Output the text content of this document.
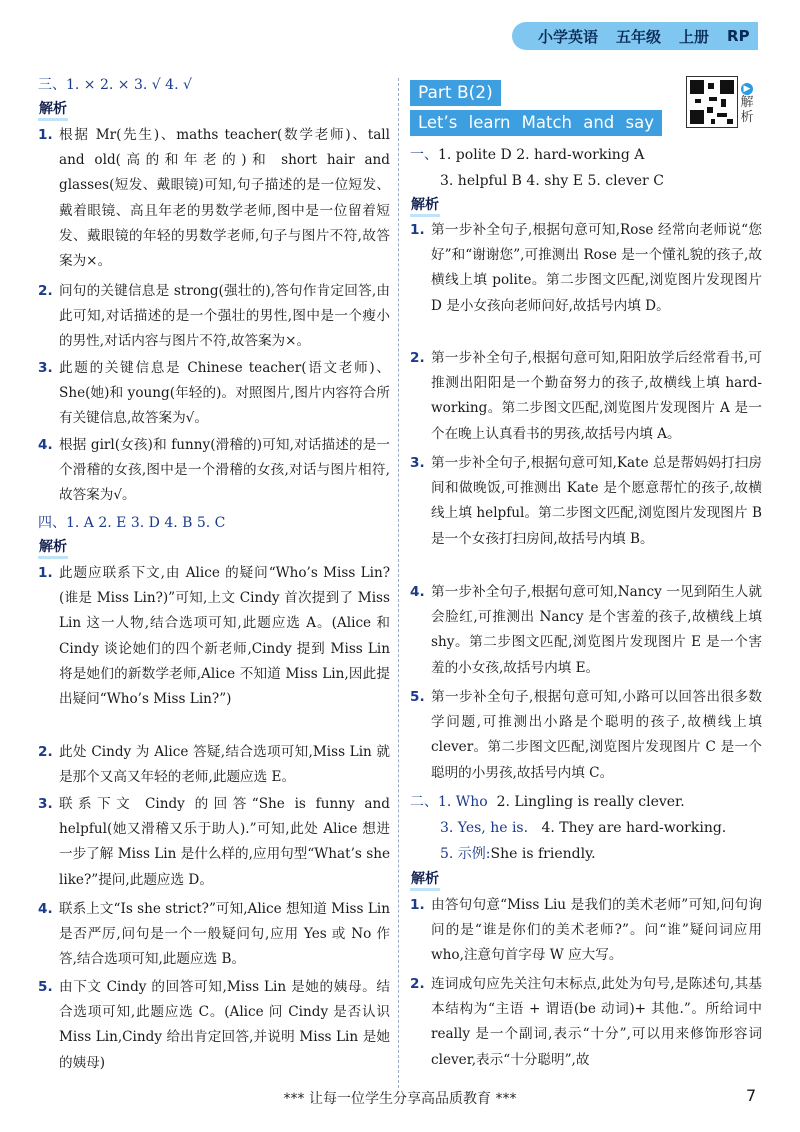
小学英语 五年级 上册 RP
三、1. × 2. × 3. √ 4. √
解析
1. 根据 Mr(先生)、maths teacher(数学老师)、tall and old(高的和年老的)和 short hair and glasses(短发、戴眼镜)可知,句子描述的是一位短发、戴着眼镜、高且年老的男数学老师,图中是一位留着短发、戴眼镜的年轻的男数学老师,句子与图片不符,故答案为×。
2. 问句的关键信息是 strong(强壮的),答句作肯定回答,由此可知,对话描述的是一个强壮的男性,图中是一个瘦小的男性,对话内容与图片不符,故答案为×。
3. 此题的关键信息是 Chinese teacher(语文老师)、She(她)和 young(年轻的)。对照图片,图片内容符合所有关键信息,故答案为√。
4. 根据 girl(女孩)和 funny(滑稽的)可知,对话描述的是一个滑稽的女孩,图中是一个滑稽的女孩,对话与图片相符,故答案为√。
四、1. A 2. E 3. D 4. B 5. C
解析
1. 此题应联系下文,由 Alice 的疑问“Who’s Miss Lin?(谁是 Miss Lin?)”可知,上文 Cindy 首次提到了 Miss Lin 这一人物,结合选项可知,此题应选 A。(Alice 和 Cindy 谈论她们的四个新老师,Cindy 提到 Miss Lin 将是她们的新数学老师,Alice 不知道 Miss Lin,因此提出疑问“Who’s Miss Lin?”)
2. 此处 Cindy 为 Alice 答疑,结合选项可知,Miss Lin 就是那个又高又年轻的老师,此题应选 E。
3. 联系下文 Cindy 的回答“She is funny and helpful(她又滑稽又乐于助人).”可知,此处 Alice 想进一步了解 Miss Lin 是什么样的,应用句型“What’s she like?”提问,此题应选 D。
4. 联系上文“Is she strict?”可知,Alice 想知道 Miss Lin 是否严厉,问句是一个一般疑问句,应用 Yes 或 No 作答,结合选项可知,此题应选 B。
5. 由下文 Cindy 的回答可知,Miss Lin 是她的姨母。结合选项可知,此题应选 C。(Alice 问 Cindy 是否认识 Miss Lin,Cindy 给出肯定回答,并说明 Miss Lin 是她的姨母)
Part B(2)
Let’s learn Match and say
▶
解析
一、1. polite D 2. hard-working A
3. helpful B 4. shy E 5. clever C
解析
1. 第一步补全句子,根据句意可知,Rose 经常向老师说“您好”和“谢谢您”,可推测出 Rose 是一个懂礼貌的孩子,故横线上填 polite。第二步图文匹配,浏览图片发现图片 D 是小女孩向老师问好,故括号内填 D。
2. 第一步补全句子,根据句意可知,阳阳放学后经常看书,可推测出阳阳是一个勤奋努力的孩子,故横线上填 hard-working。第二步图文匹配,浏览图片发现图片 A 是一个在晚上认真看书的男孩,故括号内填 A。
3. 第一步补全句子,根据句意可知,Kate 总是帮妈妈打扫房间和做晚饭,可推测出 Kate 是个愿意帮忙的孩子,故横线上填 helpful。第二步图文匹配,浏览图片发现图片 B 是一个女孩打扫房间,故括号内填 B。
4. 第一步补全句子,根据句意可知,Nancy 一见到陌生人就会脸红,可推测出 Nancy 是个害羞的孩子,故横线上填 shy。第二步图文匹配,浏览图片发现图片 E 是一个害羞的小女孩,故括号内填 E。
5. 第一步补全句子,根据句意可知,小路可以回答出很多数学问题,可推测出小路是个聪明的孩子,故横线上填 clever。第二步图文匹配,浏览图片发现图片 C 是一个聪明的小男孩,故括号内填 C。
二、1. Who 2. Lingling is really clever.
3. Yes, he is. 4. They are hard-working.
5. 示例:She is friendly.
解析
1. 由答句句意“Miss Liu 是我们的美术老师”可知,问句询问的是“谁是你们的美术老师?”。问“谁”疑问词应用 who,注意句首字母 W 应大写。
2. 连词成句应先关注句末标点,此处为句号,是陈述句,其基本结构为“主语 + 谓语(be 动词)+ 其他.”。所给词中 really 是一个副词,表示“十分”,可以用来修饰形容词 clever,表示“十分聪明”,故
*** 让每一位学生分享高品质教育 ***	7
